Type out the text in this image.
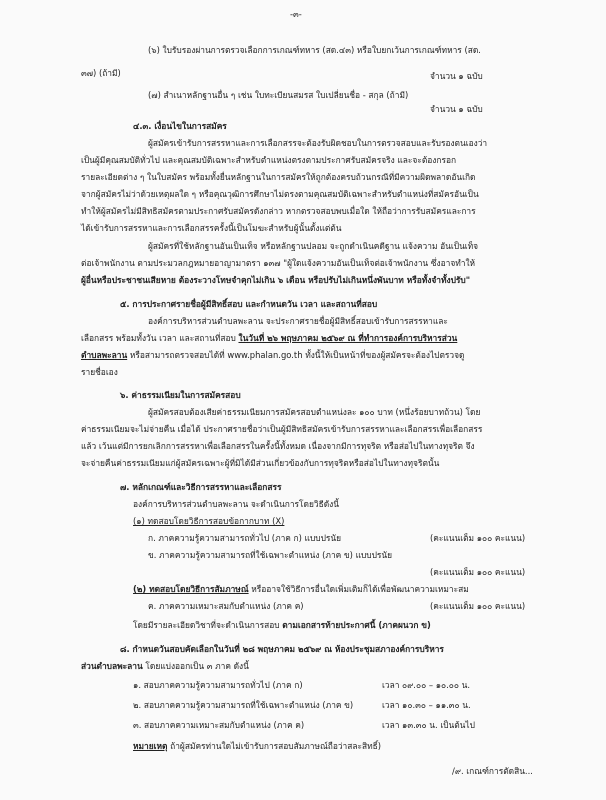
-๓-
(๖) ใบรับรองผ่านการตรวจเลือกการเกณฑ์ทหาร (สด.๔๓) หรือใบยกเว้นการเกณฑ์ทหาร (สด.
๓๗) (ถ้ามี)	จำนวน ๑ ฉบับ
(๗) สำเนาหลักฐานอื่น ๆ เช่น ใบทะเบียนสมรส ใบเปลี่ยนชื่อ - สกุล (ถ้ามี)
จำนวน ๑ ฉบับ
๔.๓. เงื่อนไขในการสมัคร
ผู้สมัครเข้ารับการสรรหาและการเลือกสรรจะต้องรับผิดชอบในการตรวจสอบและรับรองตนเองว่า
เป็นผู้มีคุณสมบัติทั่วไป และคุณสมบัติเฉพาะสำหรับตำแหน่งตรงตามประกาศรับสมัครจริง และจะต้องกรอก
รายละเอียดต่าง ๆ ในใบสมัคร พร้อมทั้งยื่นหลักฐานในการสมัครให้ถูกต้องครบถ้วนกรณีที่มีความผิดพลาดอันเกิด
จากผู้สมัครไม่ว่าด้วยเหตุผลใด ๆ หรือคุณวุฒิการศึกษาไม่ตรงตามคุณสมบัติเฉพาะสำหรับตำแหน่งที่สมัครอันเป็น
ทำให้ผู้สมัครไม่มีสิทธิสมัครตามประกาศรับสมัครดังกล่าว หากตรวจสอบพบเมื่อใด ให้ถือว่าการรับสมัครและการ
ได้เข้ารับการสรรหาและการเลือกสรรครั้งนี้เป็นโมฆะสำหรับผู้นั้นตั้งแต่ต้น
ผู้สมัครที่ใช้หลักฐานอันเป็นเท็จ หรือหลักฐานปลอม จะถูกดำเนินคดีฐาน แจ้งความ อันเป็นเท็จ
ต่อเจ้าพนักงาน ตามประมวลกฎหมายอาญามาตรา ๑๓๗ "ผู้ใดแจ้งความอันเป็นเท็จต่อเจ้าพนักงาน ซึ่งอาจทำให้
ผู้อื่นหรือประชาชนเสียหาย ต้องระวางโทษจำคุกไม่เกิน ๖ เดือน หรือปรับไม่เกินหนึ่งพันบาท หรือทั้งจำทั้งปรับ"
๕. การประกาศรายชื่อผู้มีสิทธิ์สอบ และกำหนดวัน เวลา และสถานที่สอบ
องค์การบริหารส่วนตำบลพะลาน จะประกาศรายชื่อผู้มีสิทธิ์สอบเข้ารับการสรรหาและ
เลือกสรร พร้อมทั้งวัน เวลา และสถานที่สอบ ในวันที่ ๒๖ พฤษภาคม ๒๕๖๙ ณ ที่ทำการองค์การบริหารส่วน
ตำบลพะลาน หรือสามารถตรวจสอบได้ที่ www.phalan.go.th ทั้งนี้ให้เป็นหน้าที่ของผู้สมัครจะต้องไปตรวจดู
รายชื่อเอง
๖. ค่าธรรมเนียมในการสมัครสอบ
ผู้สมัครสอบต้องเสียค่าธรรมเนียมการสมัครสอบตำแหน่งละ ๑๐๐ บาท (หนึ่งร้อยบาทถ้วน) โดย
ค่าธรรมเนียมจะไม่จ่ายคืน เมื่อได้ ประกาศรายชื่อว่าเป็นผู้มีสิทธิสมัครเข้ารับการสรรหาและเลือกสรรเพื่อเลือกสรร
แล้ว เว้นแต่มีการยกเลิกการสรรหาเพื่อเลือกสรรในครั้งนี้ทั้งหมด เนื่องจากมีการทุจริต หรือส่อไปในทางทุจริต จึง
จะจ่ายคืนค่าธรรมเนียมแก่ผู้สมัครเฉพาะผู้ที่มิได้มีส่วนเกี่ยวข้องกับการทุจริตหรือส่อไปในทางทุจริตนั้น
๗. หลักเกณฑ์และวิธีการสรรหาและเลือกสรร
องค์การบริหารส่วนตำบลพะลาน จะดำเนินการโดยวิธีดังนี้
(๑) ทดสอบโดยวิธีการสอบข้อกากบาท (X)
ก. ภาคความรู้ความสามารถทั่วไป (ภาค ก) แบบปรนัย	(คะแนนเต็ม ๑๐๐ คะแนน)
ข. ภาคความรู้ความสามารถที่ใช้เฉพาะตำแหน่ง (ภาค ข) แบบปรนัย
(คะแนนเต็ม ๑๐๐ คะแนน)
(๒) ทดสอบโดยวิธีการสัมภาษณ์ หรืออาจใช้วิธีการอื่นใดเพิ่มเติมก็ได้เพื่อพัฒนาความเหมาะสม
ค. ภาคความเหมาะสมกับตำแหน่ง (ภาค ค)	(คะแนนเต็ม ๑๐๐ คะแนน)
โดยมีรายละเอียดวิชาที่จะดำเนินการสอบ ตามเอกสารท้ายประกาศนี้ (ภาคผนวก ข)
๘. กำหนดวันสอบคัดเลือกในวันที่ ๒๘ พฤษภาคม ๒๕๖๙ ณ ห้องประชุมสภาองค์การบริหาร
ส่วนตำบลพะลาน โดยแบ่งออกเป็น ๓ ภาค ดังนี้
๑. สอบภาคความรู้ความสามารถทั่วไป (ภาค ก)	เวลา ๐๙.๐๐ – ๑๐.๐๐ น.
๒. สอบภาคความรู้ความสามารถที่ใช้เฉพาะตำแหน่ง (ภาค ข)	เวลา ๑๐.๓๐ – ๑๑.๓๐ น.
๓. สอบภาคความเหมาะสมกับตำแหน่ง (ภาค ค)	เวลา ๑๓.๓๐ น. เป็นต้นไป
หมายเหตุ ถ้าผู้สมัครท่านใดไม่เข้ารับการสอบสัมภาษณ์ถือว่าสละสิทธิ์)
/๙. เกณฑ์การตัดสิน...
